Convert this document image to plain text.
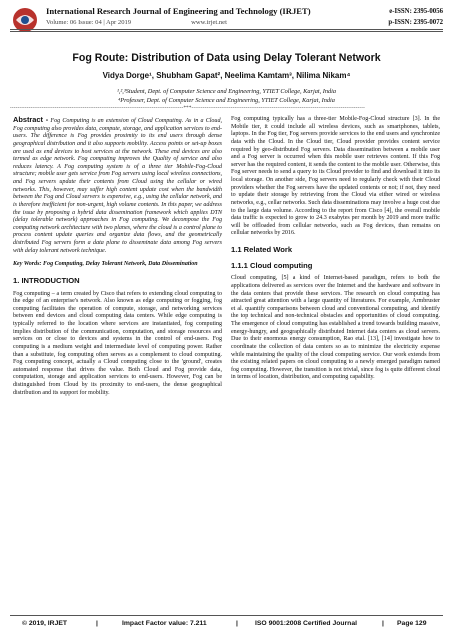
International Research Journal of Engineering and Technology (IRJET)
Volume: 06 Issue: 04 | Apr 2019	www.irjet.net
e-ISSN: 2395-0056
p-ISSN: 2395-0072
Fog Route: Distribution of Data using Delay Tolerant Network
Vidya Dorge¹, Shubham Gapat², Neelima Kamtam³, Nilima Nikam⁴
¹,²,³Student, Dept. of Computer Science and Engineering, YTIET College, Karjat, India
⁴Professer, Dept. of Computer Science and Engineering, YTIET College, Karjat, India
---------------------------------------------------------------------------------------------***---------------------------------------------------------------------------------------------

Abstract - Fog Computing is an extension of Cloud Computing. As in a Cloud, Fog computing also provides data, compute, storage, and application services to end-users. The difference is Fog provides proximity to its end users through dense geographical distribution and it also supports mobility. Access points or set-up boxes are used as end devices to host services at the network. These end devices are also termed as edge network. Fog computing improves the Quality of service and also reduces latency. A Fog computing system is of a three tier Mobile-Fog-Cloud structure; mobile user gets service from Fog servers using local wireless connections, and Fog servers update their contents from Cloud using the cellular or wired networks. This, however, may suffer high content update cost when the bandwidth between the Fog and Cloud servers is expensive, e.g., using the cellular network, and is therefore inefficient for non-urgent, high volume contents. In this paper, we address the issue by proposing a hybrid data dissemination framework which applies DTN (delay tolerable network) approaches in Fog computing. We decompose the Fog computing network architecture with two planes, where the cloud is a control plane to process content update queries and organize data flows, and the geometrically distributed Fog servers form a data plane to disseminate data among Fog servers with delay tolerant network technique.

Key Words: Fog Computing, Delay Tolerant Network, Data Dissemination

1. INTRODUCTION

Fog computing – a term created by Cisco that refers to extending cloud computing to the edge of an enterprise's network. Also known as edge computing or fogging, fog computing facilitates the operation of compute, storage, and networking services between end devices and cloud computing data centers. While edge computing is typically referred to the location where services are instantiated, fog computing implies distribution of the communication, computation, and storage resources and services on or close to devices and systems in the control of end-users. Fog computing is a medium weight and intermediate level of computing power. Rather than a substitute, fog computing often serves as a complement to cloud computing. Fog computing concept, actually a Cloud computing close to the 'ground', creates automated response that drives the value. Both Cloud and Fog provide data, computation, storage and application services to end-users. However, Fog can be distinguished from Cloud by its proximity to end-users, the dense geographical distribution and its support for mobility.

Fog computing typically has a three-tier Mobile-Fog-Cloud structure [3]. In the Mobile tier, it could include all wireless devices, such as smartphones, tablets, laptops. In the Fog tier, Fog servers provide services to the end users and synchronize data with the Cloud. In the Cloud tier, Cloud provider provides content service required by geo-distributed Fog servers. Data dissemination between a mobile user and a Fog server is occurred when this mobile user retrieves content. If this Fog server has the required content, it sends the content to the mobile user. Otherwise, this Fog server needs to send a query to its Cloud provider to find and download it into its local storage. On another side, Fog servers need to regularly check with their Cloud providers whether the Fog servers have the updated contents or not; if not, they need to update their storage by retrieving from the Cloud via either wired or wireless networks, e.g., cellar networks. Such data disseminations may involve a huge cost due to the large data volume. According to the report from Cisco [4], the overall mobile data traffic is expected to grow to 24.3 exabytes per month by 2019 and more traffic will be offloaded from cellular networks, such as Fog devices, than remains on cellular networks by 2016.

1.1 Related Work

1.1.1 Cloud computing

Cloud computing, [5] a kind of Internet-based paradigm, refers to both the applications delivered as services over the Internet and the hardware and software in the data centers that provide these services. The research on cloud computing has attracted great attention with a large quantity of literatures. For example, Armbruster et al. quantify comparisons between cloud and conventional computing, and identify the top technical and non-technical obstacles and opportunities of cloud computing. The emergence of cloud computing has established a trend towards building massive, energy-hungry, and geographically distributed Internet data centers as cloud servers. Due to their enormous energy consumption, Rao etal. [13], [14] investigate how to coordinate the collection of data centers so as to minimize the electricity expense while maintaining the quality of the cloud computing service. Our work extends from the existing related papers on cloud computing to a newly emerged paradigm named fog computing. However, the transition is not trivial, since fog is quite different cloud in terms of location, distribution, and computing capability.

© 2019, IRJET	|	Impact Factor value: 7.211	|	ISO 9001:2008 Certified Journal	| Page 129
